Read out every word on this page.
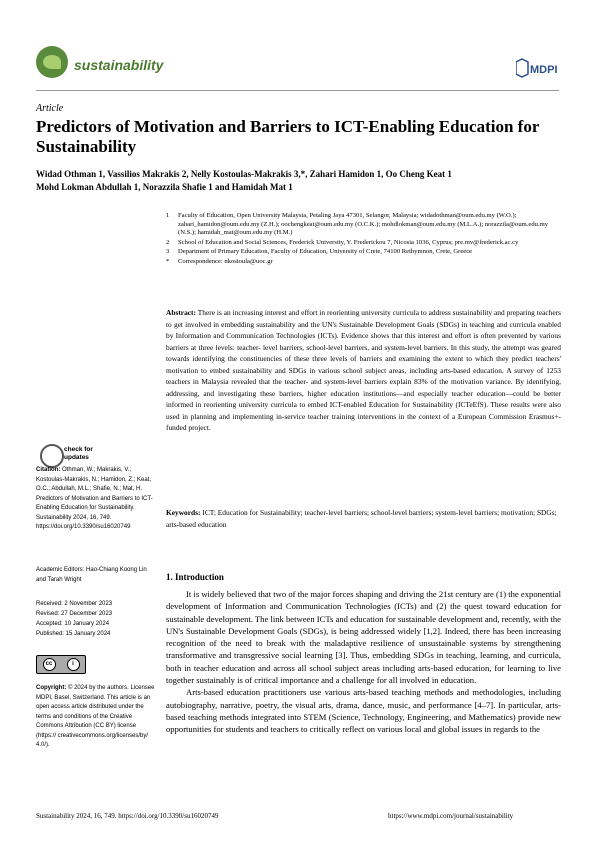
sustainability	MDPI
Article
Predictors of Motivation and Barriers to ICT-Enabling Education for Sustainability
Widad Othman 1, Vassilios Makrakis 2, Nelly Kostoulas-Makrakis 3,*, Zahari Hamidon 1, Oo Cheng Keat 1
Mohd Lokman Abdullah 1, Norazzila Shafie 1 and Hamidah Mat 1
1	Faculty of Education, Open University Malaysia, Petaling Jaya 47301, Selangor, Malaysia; widadothman@oum.edu.my (W.O.); zahari_hamidon@oum.edu.my (Z.H.); oochengkeat@oum.edu.my (O.C.K.); mohdlokman@oum.edu.my (M.L.A.); norazzila@oum.edu.my (N.S.); hamidah_mat@oum.edu.my (H.M.)
2	School of Education and Social Sciences, Frederick University, Y. Frederickou 7, Nicosia 1036, Cyprus; pre.mv@frederick.ac.cy
3	Department of Primary Education, Faculty of Education, University of Crete, 74100 Rethymnon, Crete, Greece
*	Correspondence: nkostoula@uoc.gr
Abstract: There is an increasing interest and effort in reorienting university curricula to address sustainability and preparing teachers to get involved in embedding sustainability and the UN's Sustainable Development Goals (SDGs) in teaching and curricula enabled by Information and Communication Technologies (ICTs). Evidence shows that this interest and effort is often prevented by various barriers at three levels: teacher- level barriers, school-level barriers, and system-level barriers. In this study, the attempt was geared towards identifying the constituencies of these three levels of barriers and examining the extent to which they predict teachers' motivation to embed sustainability and SDGs in various school subject areas, including arts-based education. A survey of 1253 teachers in Malaysia revealed that the teacher- and system-level barriers explain 83% of the motivation variance. By identifying, addressing, and investigating these barriers, higher education institutions—and especially teacher education—could be better informed in reorienting university curricula to embed ICT-enabled Education for Sustainability (ICTeEfS). These results were also used in planning and implementing in-service teacher training interventions in the context of a European Commission Erasmus+-funded project.
Keywords: ICT; Education for Sustainability; teacher-level barriers; school-level barriers; system-level barriers; motivation; SDGs; arts-based education
check for updates
Citation: Othman, W.; Makrakis, V.; Kostoulas-Makrakis, N.; Hamidon, Z.; Keat, O.C.; Abdullah, M.L.; Shafie, N.; Mat, H. Predictors of Motivation and Barriers to ICT-Enabling Education for Sustainability. Sustainability 2024, 16, 749. https://doi.org/10.3390/su16020749
Academic Editors: Hao-Chiang Koong Lin and Tarah Wright
Received: 2 November 2023
Revised: 27 December 2023
Accepted: 10 January 2024
Published: 15 January 2024
cc	i
Copyright: © 2024 by the authors. Licensee MDPI, Basel, Switzerland. This article is an open access article distributed under the terms and conditions of the Creative Commons Attribution (CC BY) license (https:// creativecommons.org/licenses/by/ 4.0/).
1. Introduction

It is widely believed that two of the major forces shaping and driving the 21st century are (1) the exponential development of Information and Communication Technologies (ICTs) and (2) the quest toward education for sustainable development. The link between ICTs and education for sustainable development and, recently, with the UN's Sustainable Development Goals (SDGs), is being addressed widely [1,2]. Indeed, there has been increasing recognition of the need to break with the maladaptive resilience of unsustainable systems by strengthening transformative and transgressive social learning [3]. Thus, embedding SDGs in teaching, learning, and curricula, both in teacher education and across all school subject areas including arts-based education, for learning to live together sustainably is of critical importance and a challenge for all involved in education.

Arts-based education practitioners use various arts-based teaching methods and methodologies, including autobiography, narrative, poetry, the visual arts, drama, dance, music, and performance [4–7]. In particular, arts-based teaching methods integrated into STEM (Science, Technology, Engineering, and Mathematics) provide new opportunities for students and teachers to critically reflect on various local and global issues in regards to the

Sustainability 2024, 16, 749. https://doi.org/10.3390/su16020749	https://www.mdpi.com/journal/sustainability
